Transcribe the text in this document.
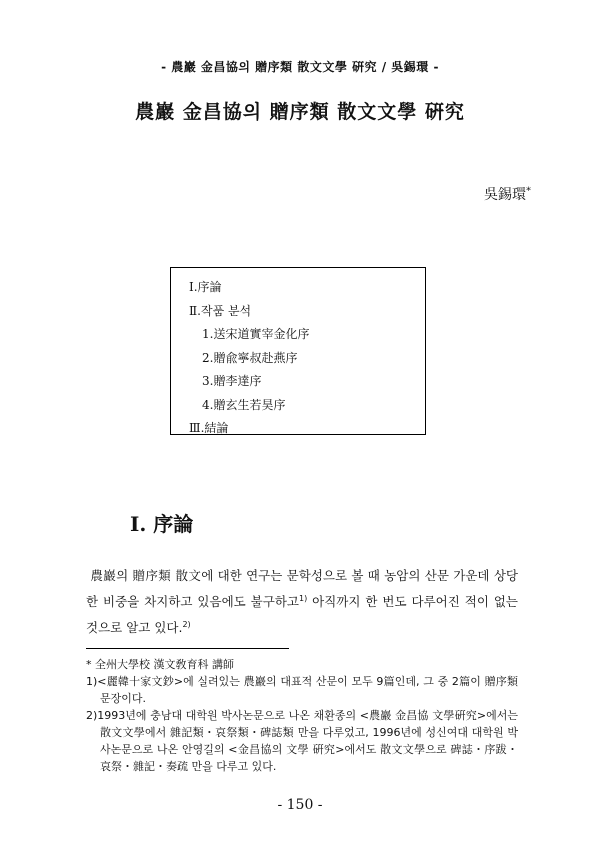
- 農巖 金昌協의 贈序類 散文文學 硏究 / 吳錫環 -
農巖 金昌協의 贈序類 散文文學 硏究
吳錫環*
Ⅰ.序論
Ⅱ.작품 분석
1.送宋道實宰金化序
2.贈兪寧叔赴燕序
3.贈李達序
4.贈玄生若昊序
Ⅲ.結論
Ⅰ. 序論

農巖의 贈序類 散文에 대한 연구는 문학성으로 볼 때 농암의 산문 가운데 상당한 비중을 차지하고 있음에도 불구하고$^{1)}$ 아직까지 한 번도 다루어진 적이 없는 것으로 알고 있다.$^{2)}$

* 全州大學校 漢文敎育科 講師
1)<麗韓十家文鈔>에 실려있는 農巖의 대표적 산문이 모두 9篇인데, 그 중 2篇이 贈序類 문장이다.
2)1993년에 충남대 대학원 박사논문으로 나온 채환종의 <農巖 金昌協 文學硏究>에서는 散文文學에서 雜記類・哀祭類・碑誌類 만을 다루었고, 1996년에 성신여대 대학원 박사논문으로 나온 안영길의 <金昌協의 文學 硏究>에서도 散文文學으로 碑誌・序跋・哀祭・雜記・奏疏 만을 다루고 있다.
- 150 -
